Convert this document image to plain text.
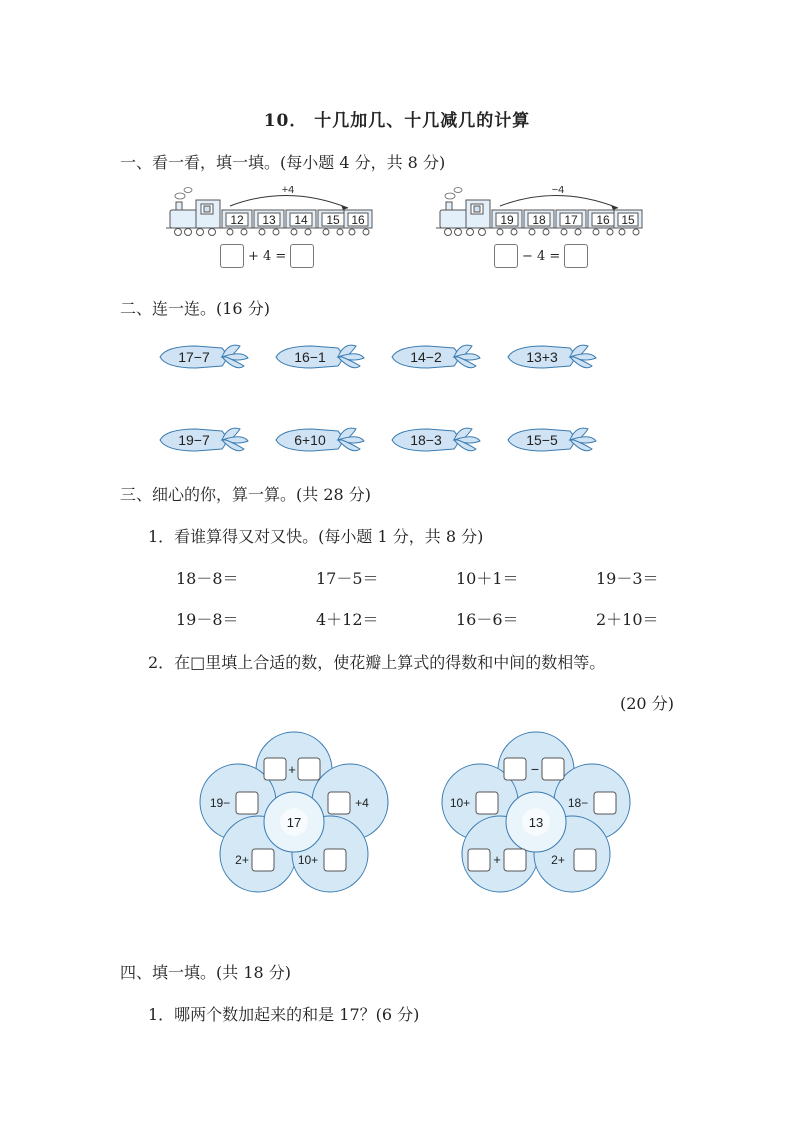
10． 十几加几、十几减几的计算
一、看一看，填一填。(每小题 4 分，共 8 分)
+4
12 13 14 15 16
+ 4 =
−4
19 18 17 16 15
− 4 =
二、连一连。(16 分)
17−7	16−1	14−2	13+3
19−7	6+10	18−3	15−5
三、细心的你，算一算。(共 28 分)
1．看谁算得又对又快。(每小题 1 分，共 8 分)
18－8＝	17－5＝	10＋1＝	19－3＝
19－8＝	4＋12＝	16－6＝	2＋10＝
2．在□里填上合适的数，使花瓣上算式的得数和中间的数相等。
(20 分)
17
+
19−	+4
2+	10+
13
−
10+	18−
+	2+
四、填一填。(共 18 分)
1．哪两个数加起来的和是 17？(6 分)
